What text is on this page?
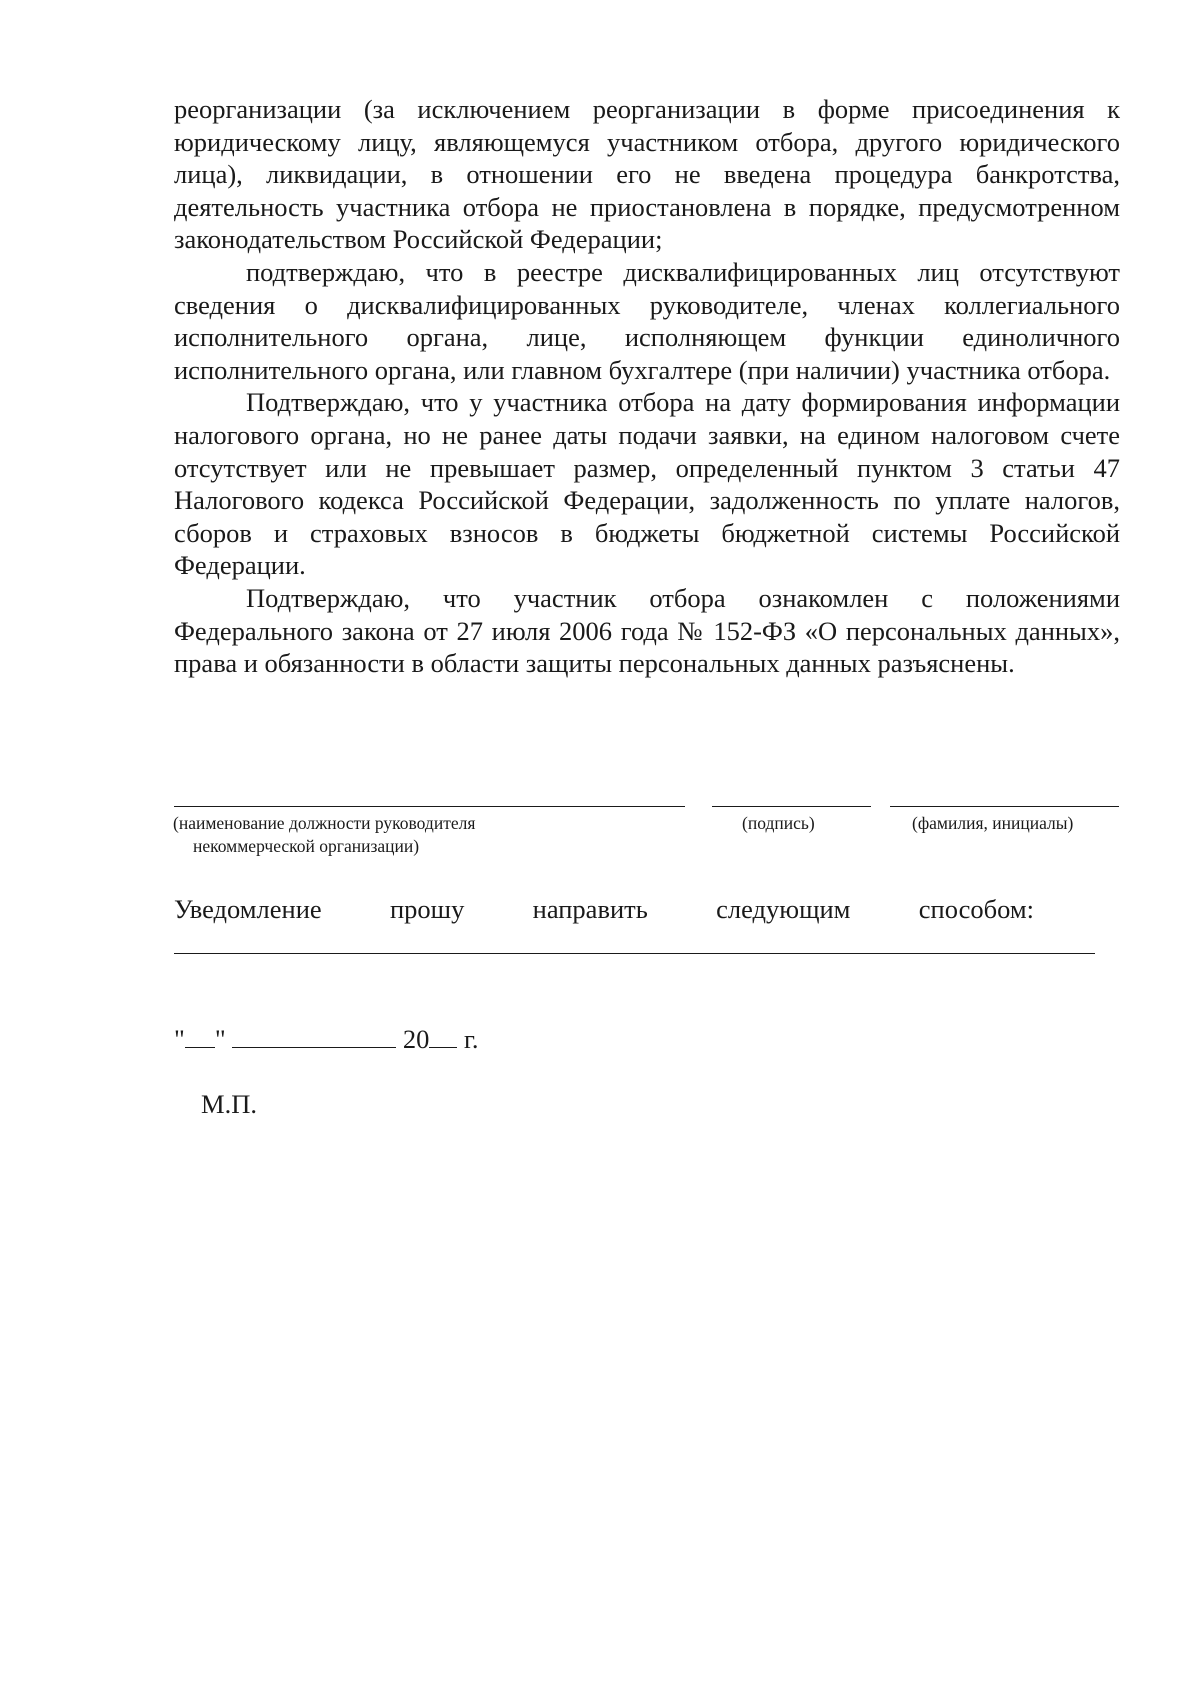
реорганизации (за исключением реорганизации в форме присоединения к юридическому лицу, являющемуся участником отбора, другого юридического лица), ликвидации, в отношении его не введена процедура банкротства, деятельность участника отбора не приостановлена в порядке, предусмотренном законодательством Российской Федерации;

подтверждаю, что в реестре дисквалифицированных лиц отсутствуют сведения о дисквалифицированных руководителе, членах коллегиального исполнительного органа, лице, исполняющем функции единоличного исполнительного органа, или главном бухгалтере (при наличии) участника отбора.

Подтверждаю, что у участника отбора на дату формирования информации налогового органа, но не ранее даты подачи заявки, на едином налоговом счете отсутствует или не превышает размер, определенный пунктом 3 статьи 47 Налогового кодекса Российской Федерации, задолженность по уплате налогов, сборов и страховых взносов в бюджеты бюджетной системы Российской Федерации.

Подтверждаю, что участник отбора ознакомлен с положениями Федерального закона от 27 июля 2006 года № 152-ФЗ «О персональных данных», права и обязанности в области защиты персональных данных разъяснены.

(наименование должности руководителя
некоммерческой организации)
(подпись)	(фамилия, инициалы)
Уведомление	прошу	направить	следующим	способом:
" "	20 г.
М.П.
